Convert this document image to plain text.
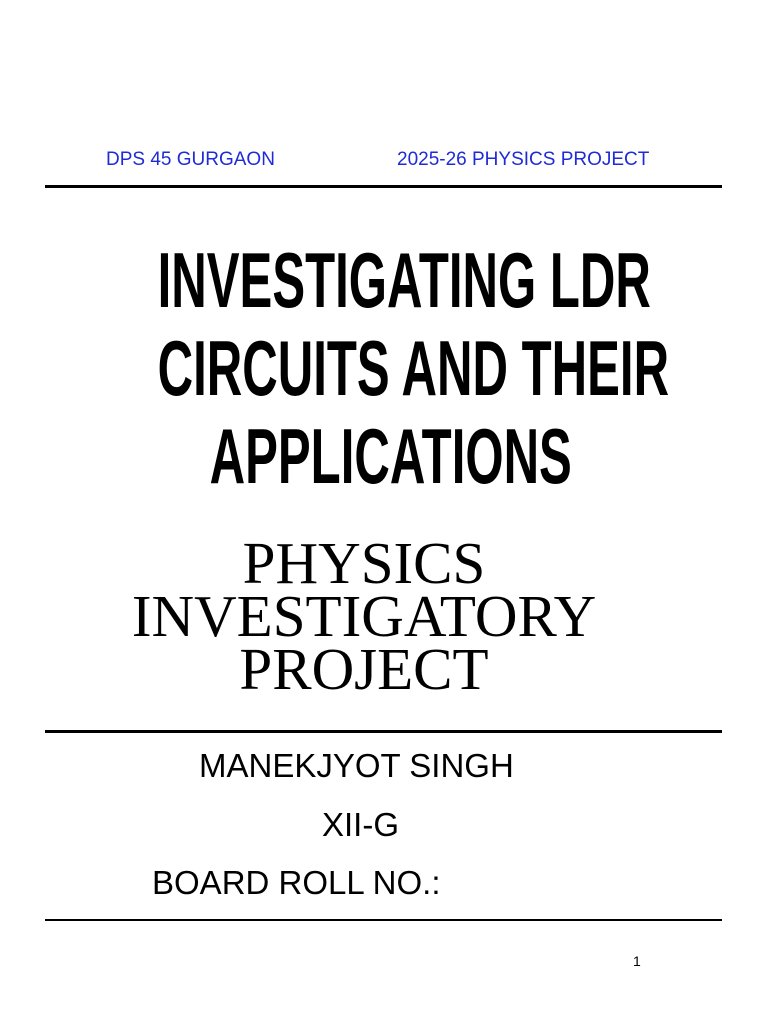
DPS 45 GURGAON	2025-26 PHYSICS PROJECT
INVESTIGATING LDR
CIRCUITS AND THEIR
APPLICATIONS
PHYSICS
INVESTIGATORY
PROJECT
MANEKJYOT SINGH
XII-G
BOARD ROLL NO.:
1
